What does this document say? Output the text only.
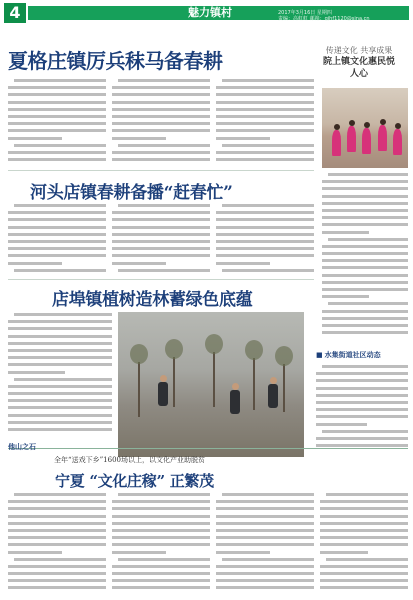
4	魅力镇村	2017年3月16日 星期四
责编：高虹虹 邮箱：gjhf1120@sina.cn
夏格庄镇厉兵秣马备春耕	传递文化 共享成果
院上镇文化惠民悦人心
河头店镇春耕备播“赶春忙”
店埠镇植树造林蓄绿色底蕴
■ 水集街道社区动态
他山之石
全年“送戏下乡”1600场以上，以文化产业助脱贫
宁夏 “文化庄稼” 正繁茂
